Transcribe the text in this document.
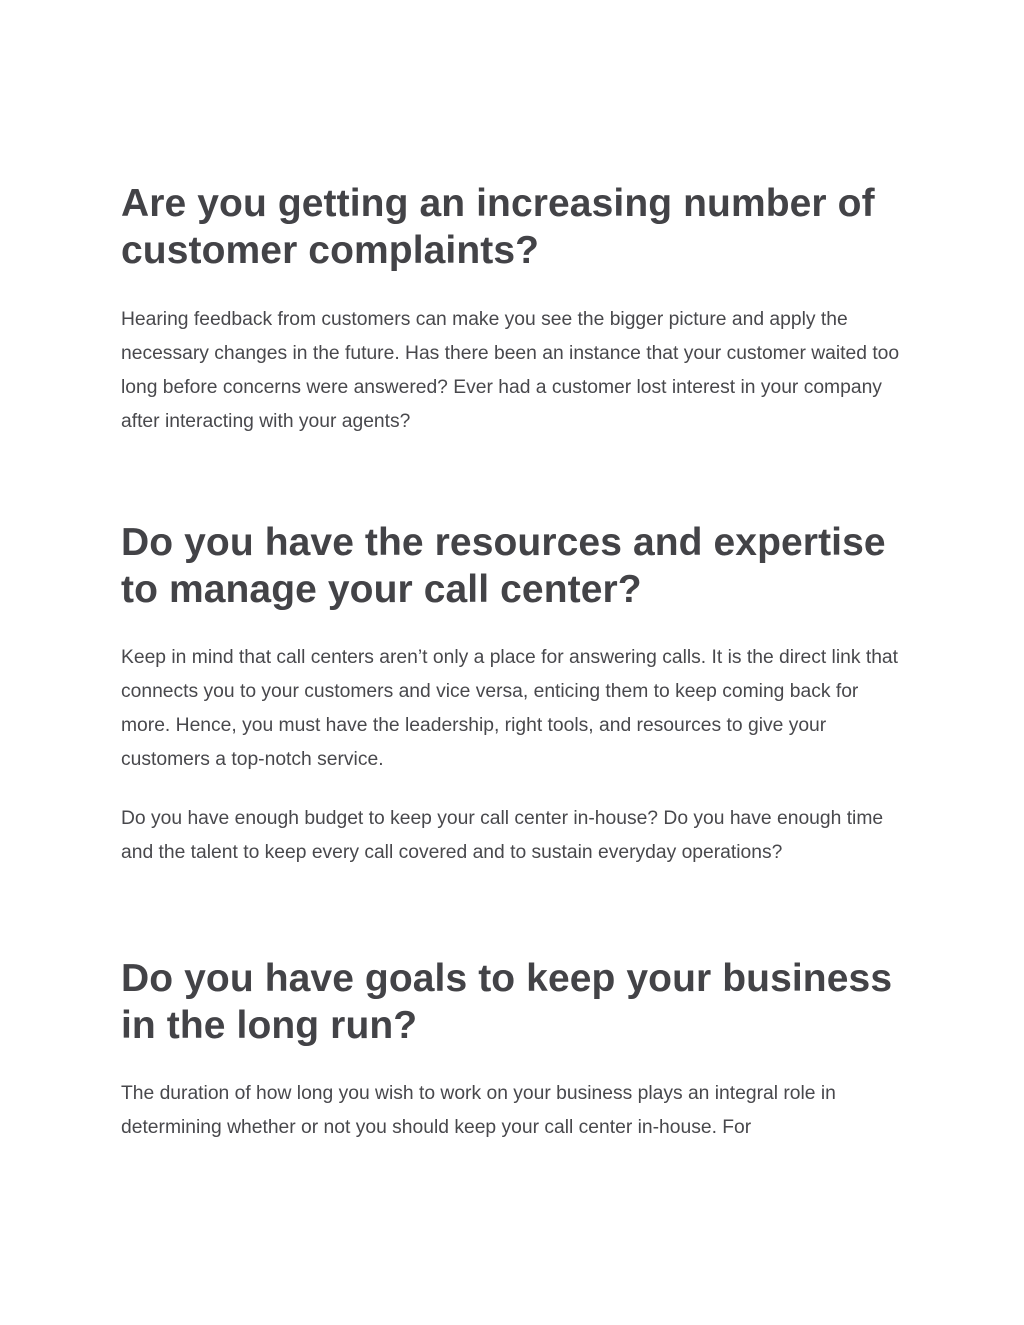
Are you getting an increasing number of customer complaints?

Hearing feedback from customers can make you see the bigger picture and apply the necessary changes in the future. Has there been an instance that your customer waited too long before concerns were answered? Ever had a customer lost interest in your company after interacting with your agents?

Do you have the resources and expertise to manage your call center?

Keep in mind that call centers aren’t only a place for answering calls. It is the direct link that connects you to your customers and vice versa, enticing them to keep coming back for more. Hence, you must have the leadership, right tools, and resources to give your customers a top-notch service.

Do you have enough budget to keep your call center in-house? Do you have enough time and the talent to keep every call covered and to sustain everyday operations?

Do you have goals to keep your business in the long run?

The duration of how long you wish to work on your business plays an integral role in determining whether or not you should keep your call center in-house. For
